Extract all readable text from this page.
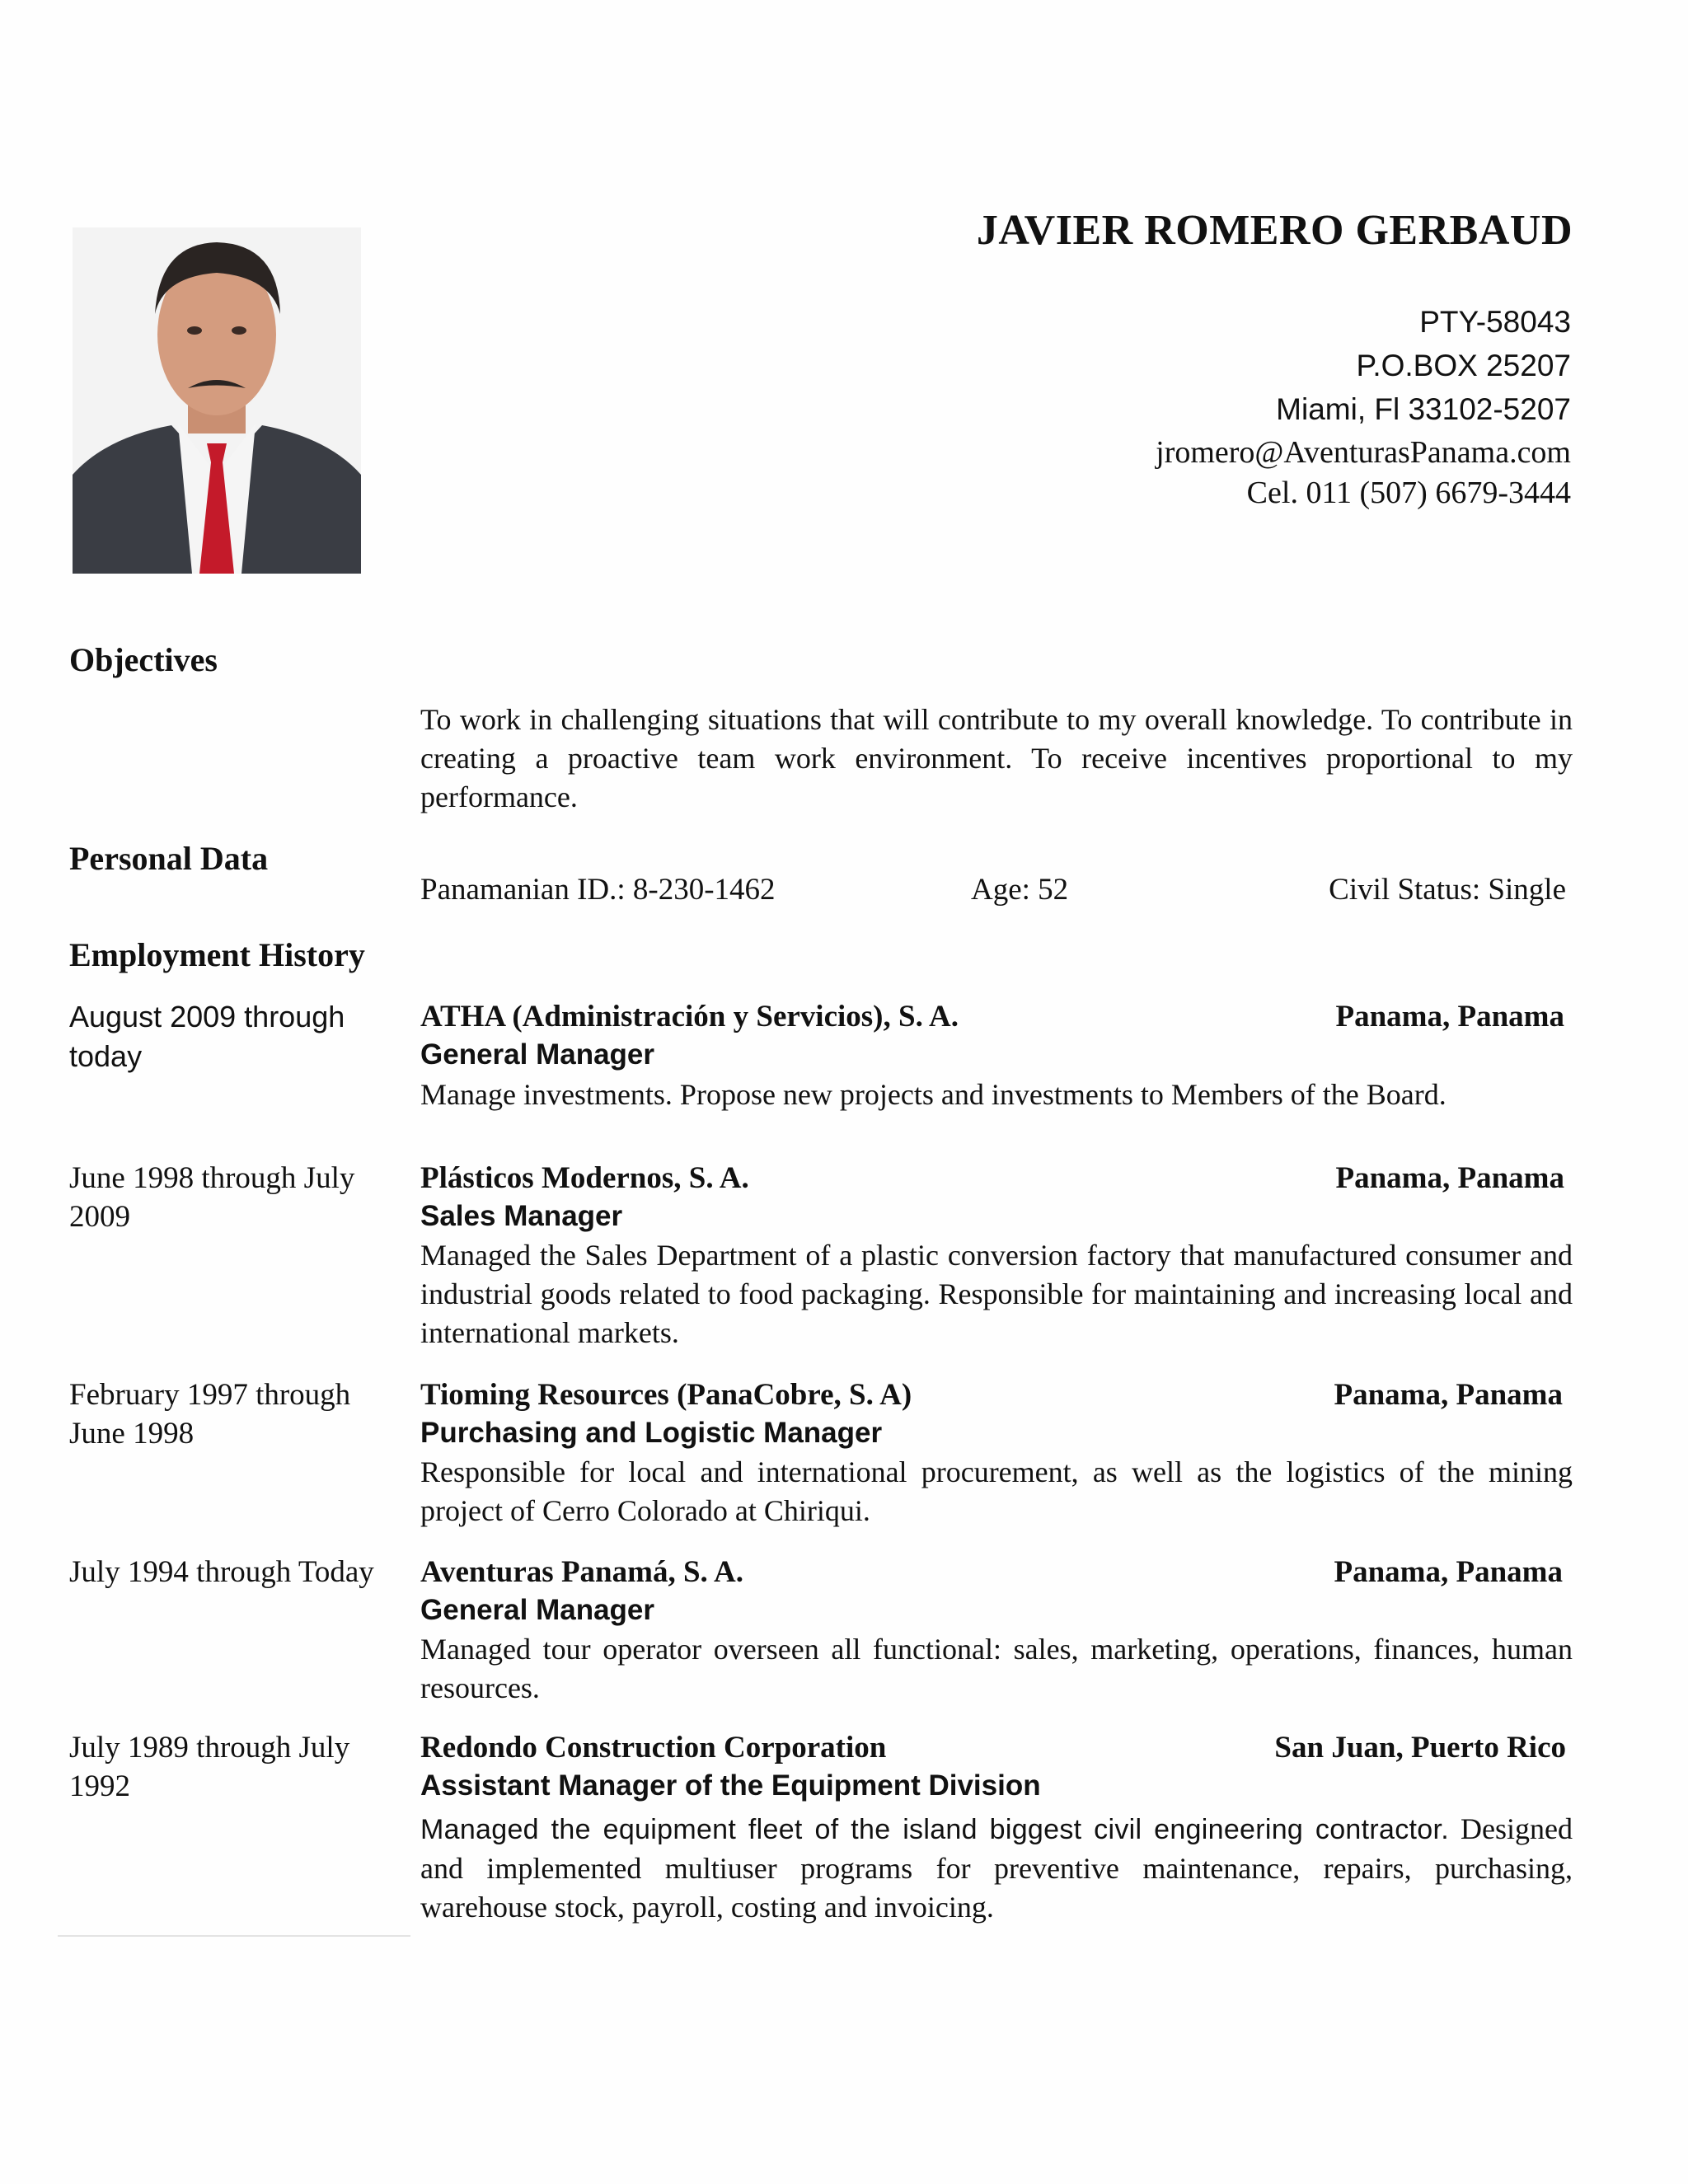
JAVIER ROMERO GERBAUD
PTY-58043
P.O.BOX 25207
Miami, Fl 33102-5207
jromero@AventurasPanama.com
Cel. 011 (507) 6679-3444
Objectives
To work in challenging situations that will contribute to my overall knowledge. To contribute in creating a proactive team work environment. To receive incentives proportional to my performance.
Personal Data
Panamanian ID.: 8-230-1462	Age: 52	Civil Status: Single
Employment History
August 2009 through today
ATHA (Administración y Servicios), S. A.	Panama, Panama
General Manager
Manage investments. Propose new projects and investments to Members of the Board.
June 1998 through July 2009
Plásticos Modernos, S. A.	Panama, Panama
Sales Manager
Managed the Sales Department of a plastic conversion factory that manufactured consumer and industrial goods related to food packaging. Responsible for maintaining and increasing local and international markets.
February 1997 through June 1998
Tioming Resources (PanaCobre, S. A)	Panama, Panama
Purchasing and Logistic Manager
Responsible for local and international procurement, as well as the logistics of the mining project of Cerro Colorado at Chiriqui.
July 1994 through Today	Aventuras Panamá, S. A.	Panama, Panama
General Manager
Managed tour operator overseen all functional: sales, marketing, operations, finances, human resources.
July 1989 through July 1992
Redondo Construction Corporation	San Juan, Puerto Rico
Assistant Manager of the Equipment Division
Managed the equipment fleet of the island biggest civil engineering contractor. Designed and implemented multiuser programs for preventive maintenance, repairs, purchasing, warehouse stock, payroll, costing and invoicing.
